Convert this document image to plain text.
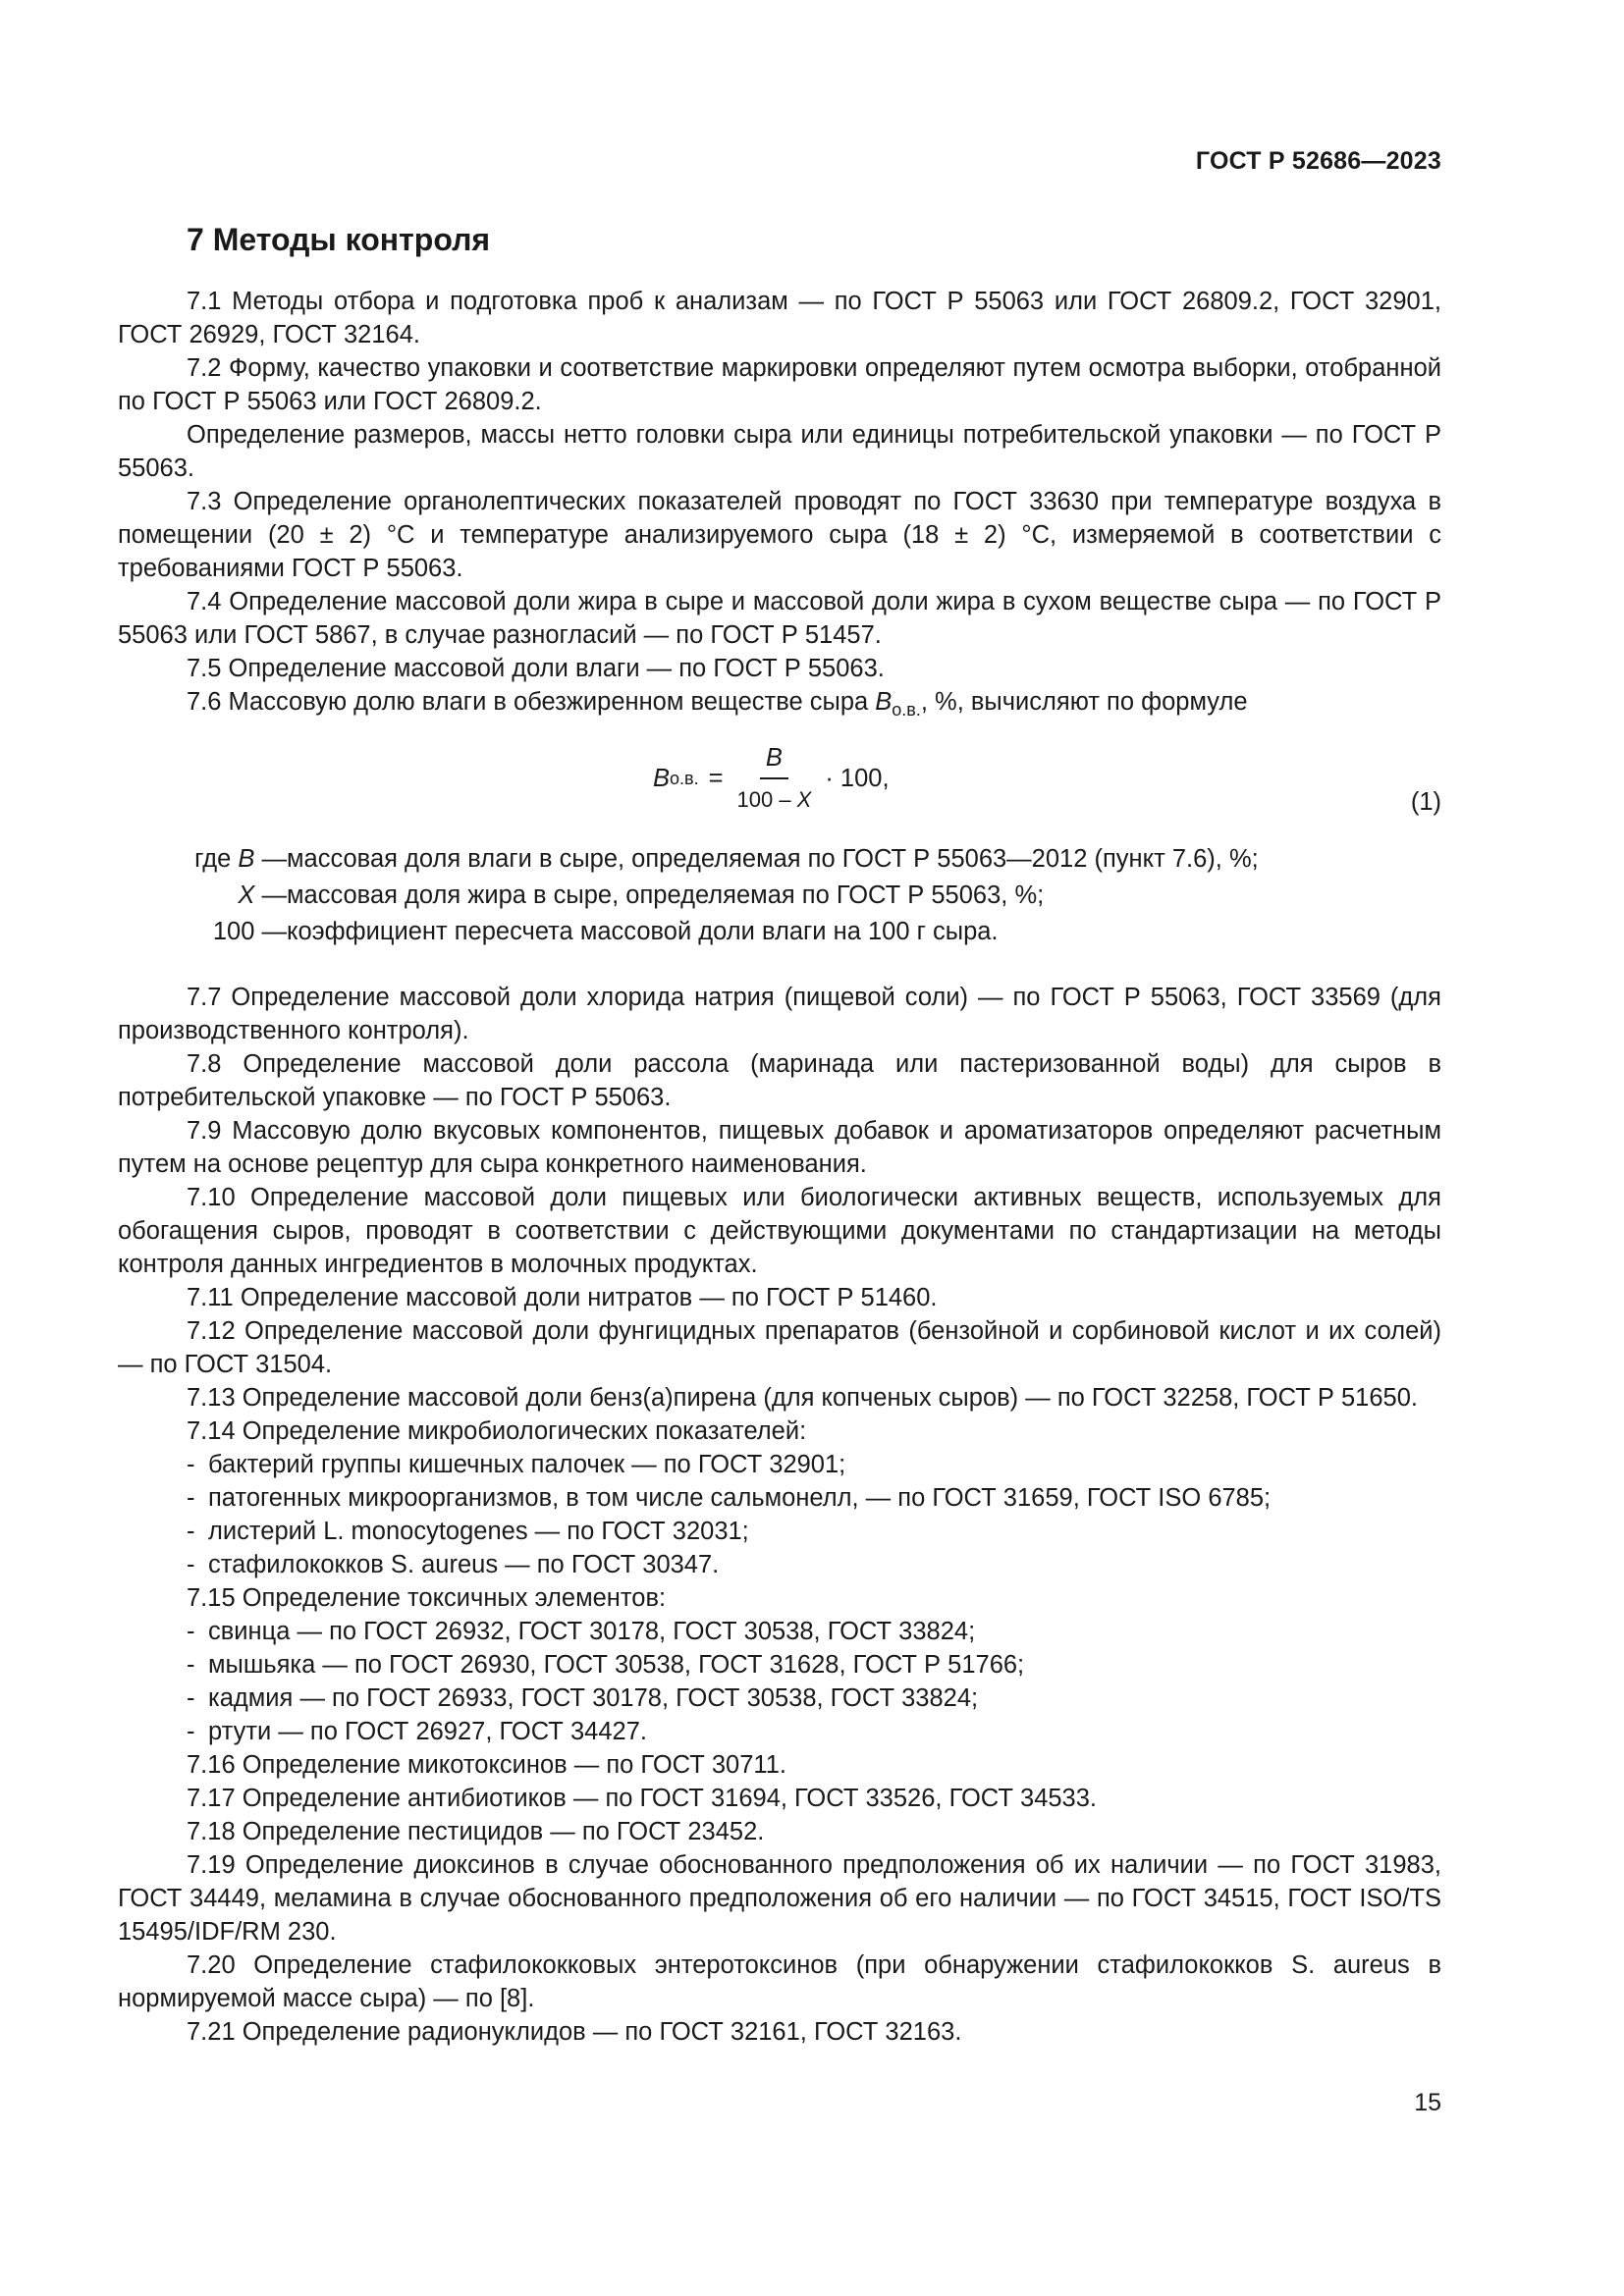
ГОСТ Р 52686—2023
7 Методы контроля

7.1 Методы отбора и подготовка проб к анализам — по ГОСТ Р 55063 или ГОСТ 26809.2, ГОСТ 32901, ГОСТ 26929, ГОСТ 32164.

7.2 Форму, качество упаковки и соответствие маркировки определяют путем осмотра выборки, отобранной по ГОСТ Р 55063 или ГОСТ 26809.2.

Определение размеров, массы нетто головки сыра или единицы потребительской упаковки — по ГОСТ Р 55063.

7.3 Определение органолептических показателей проводят по ГОСТ 33630 при температуре воздуха в помещении (20 ± 2) °С и температуре анализируемого сыра (18 ± 2) °С, измеряемой в соответствии с требованиями ГОСТ Р 55063.

7.4 Определение массовой доли жира в сыре и массовой доли жира в сухом веществе сыра — по ГОСТ Р 55063 или ГОСТ 5867, в случае разногласий — по ГОСТ Р 51457.

7.5 Определение массовой доли влаги — по ГОСТ Р 55063.

7.6 Массовую долю влаги в обезжиренном веществе сыра $В_{о.в.}$, %, вычисляют по формуле

В о.в. = $\frac{В}{100 - Х} \cdot 100$,
(1)
где В — массовая доля влаги в сыре, определяемая по ГОСТ Р 55063—2012 (пункт 7.6), %;
Х — массовая доля жира в сыре, определяемая по ГОСТ Р 55063, %;
100 — коэффициент пересчета массовой доли влаги на 100 г сыра.

7.7 Определение массовой доли хлорида натрия (пищевой соли) — по ГОСТ Р 55063, ГОСТ 33569 (для производственного контроля).

7.8 Определение массовой доли рассола (маринада или пастеризованной воды) для сыров в потребительской упаковке — по ГОСТ Р 55063.

7.9 Массовую долю вкусовых компонентов, пищевых добавок и ароматизаторов определяют расчетным путем на основе рецептур для сыра конкретного наименования.

7.10 Определение массовой доли пищевых или биологически активных веществ, используемых для обогащения сыров, проводят в соответствии с действующими документами по стандартизации на методы контроля данных ингредиентов в молочных продуктах.

7.11 Определение массовой доли нитратов — по ГОСТ Р 51460.

7.12 Определение массовой доли фунгицидных препаратов (бензойной и сорбиновой кислот и их солей) — по ГОСТ 31504.

7.13 Определение массовой доли бенз(а)пирена (для копченых сыров) — по ГОСТ 32258, ГОСТ Р 51650.

7.14 Определение микробиологических показателей:

- бактерий группы кишечных палочек — по ГОСТ 32901;

- патогенных микроорганизмов, в том числе сальмонелл, — по ГОСТ 31659, ГОСТ ISO 6785;

- листерий L. monocytogenes — по ГОСТ 32031;

- стафилококков S. aureus — по ГОСТ 30347.

7.15 Определение токсичных элементов:

- свинца — по ГОСТ 26932, ГОСТ 30178, ГОСТ 30538, ГОСТ 33824;

- мышьяка — по ГОСТ 26930, ГОСТ 30538, ГОСТ 31628, ГОСТ Р 51766;

- кадмия — по ГОСТ 26933, ГОСТ 30178, ГОСТ 30538, ГОСТ 33824;

- ртути — по ГОСТ 26927, ГОСТ 34427.

7.16 Определение микотоксинов — по ГОСТ 30711.

7.17 Определение антибиотиков — по ГОСТ 31694, ГОСТ 33526, ГОСТ 34533.

7.18 Определение пестицидов — по ГОСТ 23452.

7.19 Определение диоксинов в случае обоснованного предположения об их наличии — по ГОСТ 31983, ГОСТ 34449, меламина в случае обоснованного предположения об его наличии — по ГОСТ 34515, ГОСТ ISO/TS 15495/IDF/RM 230.

7.20 Определение стафилококковых энтеротоксинов (при обнаружении стафилококков S. aureus в нормируемой массе сыра) — по [8].

7.21 Определение радионуклидов — по ГОСТ 32161, ГОСТ 32163.

15
